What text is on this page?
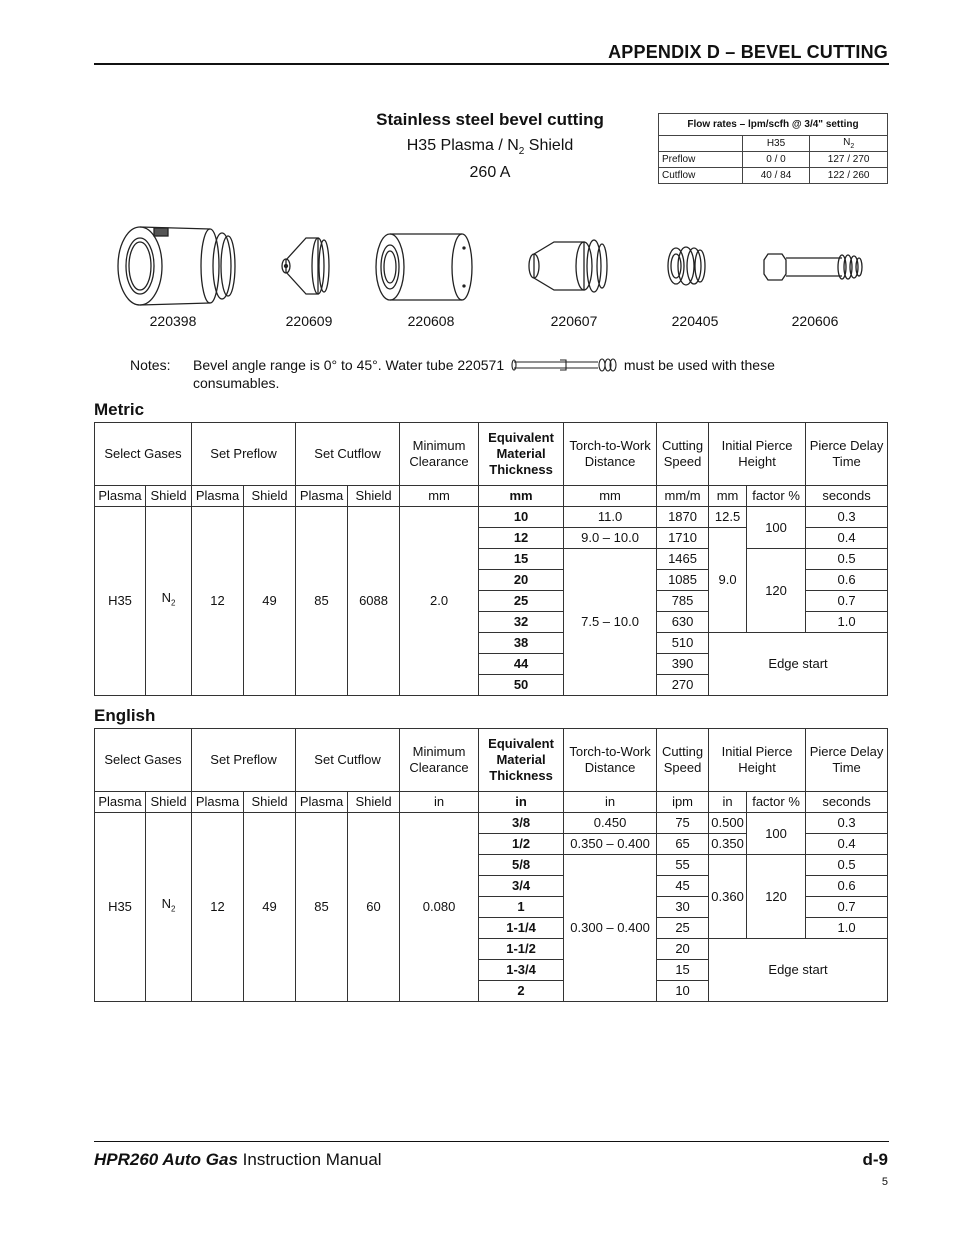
APPENDIX D – BEVEL CUTTING
Stainless steel bevel cutting
H35 Plasma / $N_2$ Shield
260 A
Flow rates – lpm/scfh @ 3/4" setting		
	H35	$N_2$
Preflow	0 / 0	127 / 270
Cutflow	40 / 84	122 / 260
220398	220609	220608	220607	220405	220606
Notes: Bevel angle range is 0° to 45°. Water tube 220571	must be used with these consumables.
Metric
Select Gases		Set Preflow		Set Cutflow		Minimum Clearance	Equivalent Material Thickness	Torch-to-Work Distance	Cutting Speed	Initial Pierce Height		Pierce Delay Time
Plasma	Shield	Plasma	Shield	Plasma	Shield	mm	mm	mm	mm/m	mm	factor %	seconds
H35	$N_2$	12	49	85	6088	2.0	10	11.0	1870	12.5	100	0.3
							12	9.0 – 10.0	1710	9.0		0.4
							15	7.5 – 10.0	1465		120	0.5
							20		1085			0.6
							25		785			0.7
							32		630			1.0
							38		510	Edge start		
							44		390			
							50		270			
English
Select Gases		Set Preflow		Set Cutflow		Minimum Clearance	Equivalent Material Thickness	Torch-to-Work Distance	Cutting Speed	Initial Pierce Height		Pierce Delay Time
Plasma	Shield	Plasma	Shield	Plasma	Shield	in	in	in	ipm	in	factor %	seconds
H35	$N_2$	12	49	85	60	0.080	3/8	0.450	75	0.500	100	0.3
							1/2	0.350 – 0.400	65	0.350		0.4
							5/8	0.300 – 0.400	55	0.360	120	0.5
							3/4		45			0.6
							1		30			0.7
							1-1/4		25			1.0
							1-1/2		20	Edge start		
							1-3/4		15			
							2		10			
HPR260 Auto Gas Instruction Manual	d-9
5
